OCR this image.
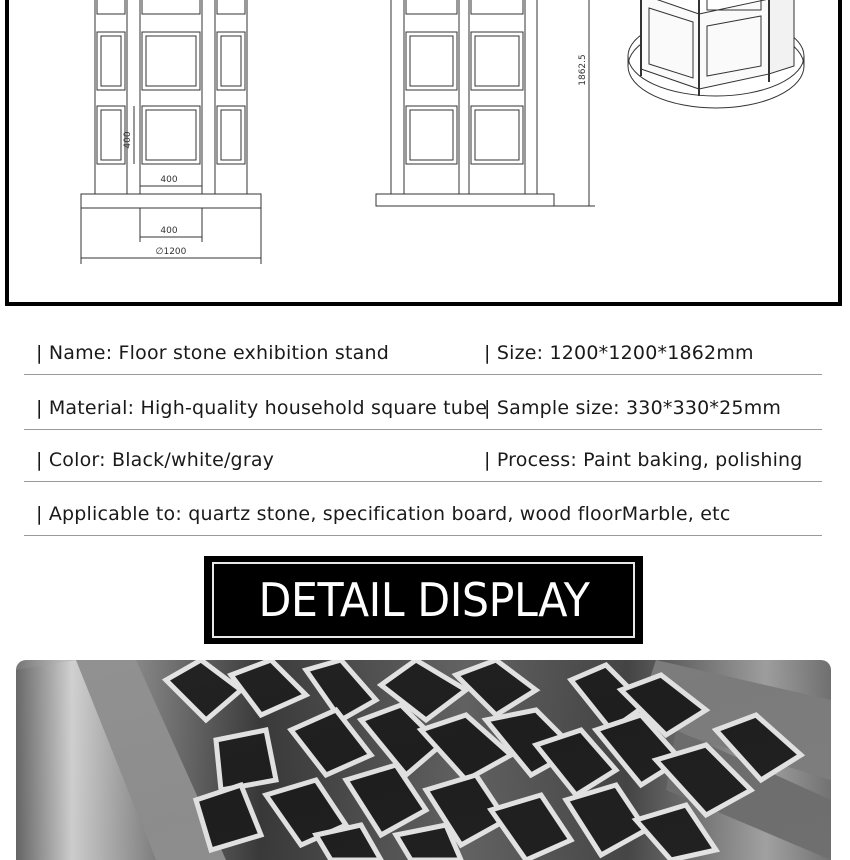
400
400
400
∅1200
1862.5
| Name: Floor stone exhibition stand	| Size: 1200*1200*1862mm
| Material: High-quality household square tube
| Sample size: 330*330*25mm
| Color: Black/white/gray	| Process: Paint baking, polishing
| Applicable to: quartz stone, specification board, wood floorMarble, etc
DETAIL DISPLAY
